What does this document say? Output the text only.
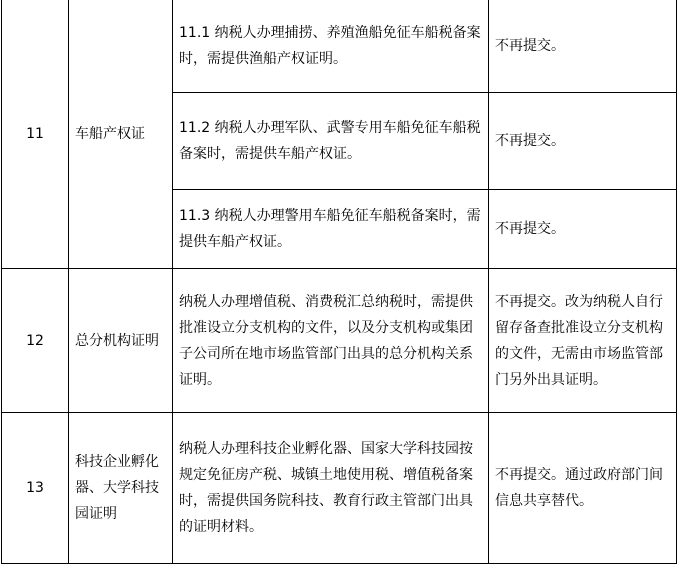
11	车船产权证	11.1 纳税人办理捕捞、养殖渔船免征车船税备案时，需提供渔船产权证明。	不再提交。
		11.2 纳税人办理军队、武警专用车船免征车船税备案时，需提供车船产权证。	不再提交。
		11.3 纳税人办理警用车船免征车船税备案时，需提供车船产权证。	不再提交。
12	总分机构证明	纳税人办理增值税、消费税汇总纳税时，需提供批准设立分支机构的文件，以及分支机构或集团子公司所在地市场监管部门出具的总分机构关系证明。	不再提交。改为纳税人自行留存备查批准设立分支机构的文件，无需由市场监管部门另外出具证明。
13	科技企业孵化器、大学科技园证明	纳税人办理科技企业孵化器、国家大学科技园按规定免征房产税、城镇土地使用税、增值税备案时，需提供国务院科技、教育行政主管部门出具的证明材料。	不再提交。通过政府部门间信息共享替代。
